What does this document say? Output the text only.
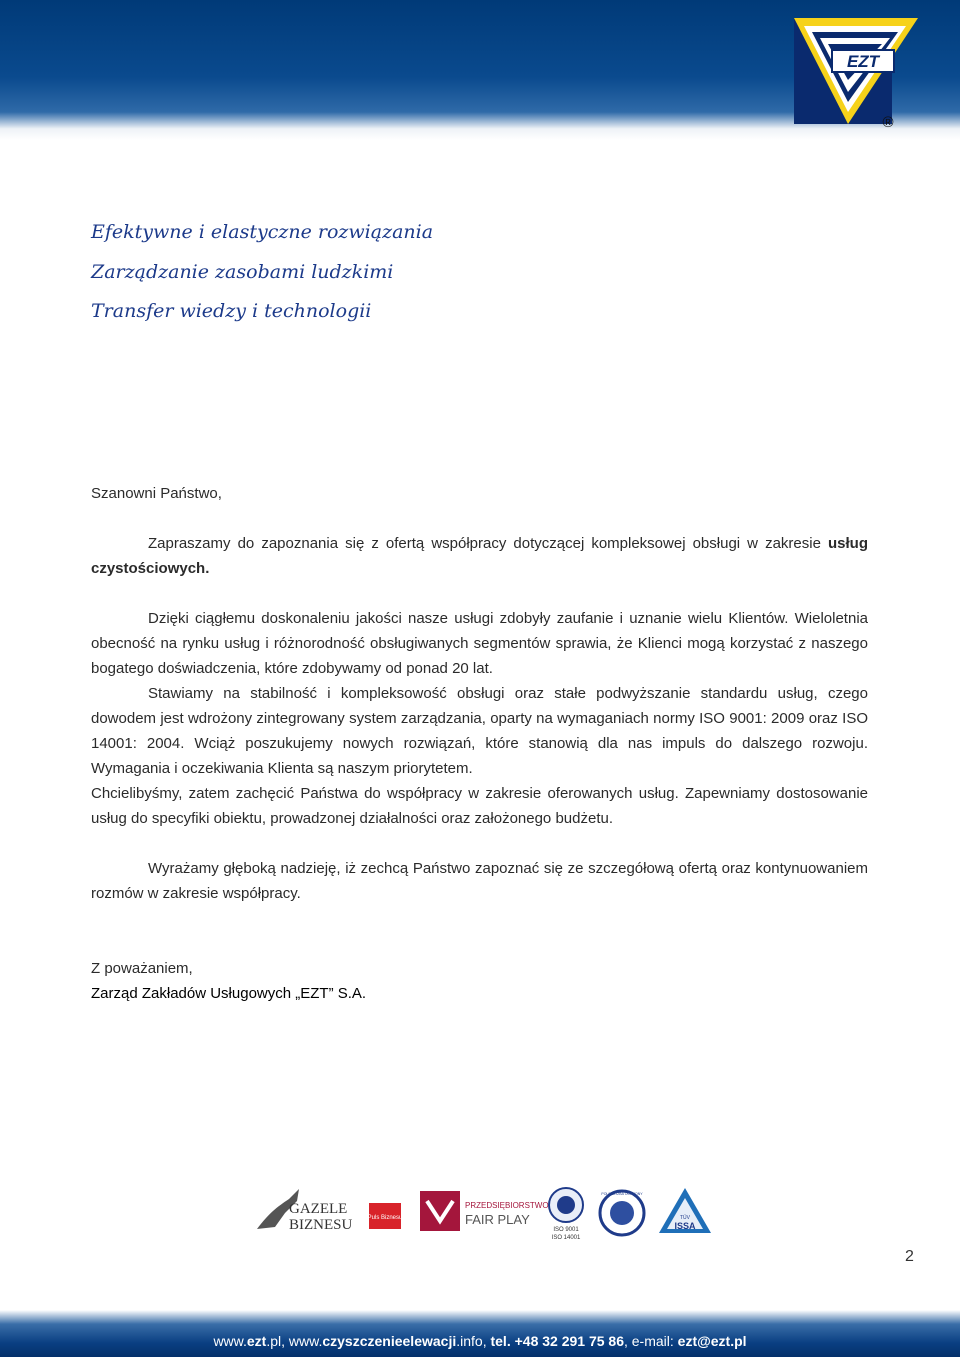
EZT
®
Efektywne i elastyczne rozwiązania
Zarządzanie zasobami ludzkimi
Transfer wiedzy i technologii

Szanowni Państwo,

Zapraszamy do zapoznania się z ofertą współpracy dotyczącej kompleksowej obsługi w zakresie usług czystościowych.

Dzięki ciągłemu doskonaleniu jakości nasze usługi zdobyły zaufanie i uznanie wielu Klientów. Wieloletnia obecność na rynku usług i różnorodność obsługiwanych segmentów sprawia, że Klienci mogą korzystać z naszego bogatego doświadczenia, które zdobywamy od ponad 20 lat.

Stawiamy na stabilność i kompleksowość obsługi oraz stałe podwyższanie standardu usług, czego dowodem jest wdrożony zintegrowany system zarządzania, oparty na wymaganiach normy ISO 9001: 2009 oraz ISO 14001: 2004. Wciąż poszukujemy nowych rozwiązań, które stanowią dla nas impuls do dalszego rozwoju. Wymagania i oczekiwania Klienta są naszym priorytetem.

Chcielibyśmy, zatem zachęcić Państwa do współpracy w zakresie oferowanych usług. Zapewniamy dostosowanie usług do specyfiki obiektu, prowadzonej działalności oraz założonego budżetu.

Wyrażamy głęboką nadzieję, iż zechcą Państwo zapoznać się ze szczegółową ofertą oraz kontynuowaniem rozmów w zakresie współpracy.

Z poważaniem,

Zarząd Zakładów Usługowych „EZT” S.A.

GAZELE
BIZNESU	Puls Biznesu
PRZEDSIĘBIORSTWO
FAIR PLAY
ISO 9001
ISO 14001
POLSKA IZBA OCHRONY
TÜV
ISSA
2
www.ezt.pl, www.czyszczenieelewacji.info, tel. +48 32 291 75 86, e-mail: ezt@ezt.pl
